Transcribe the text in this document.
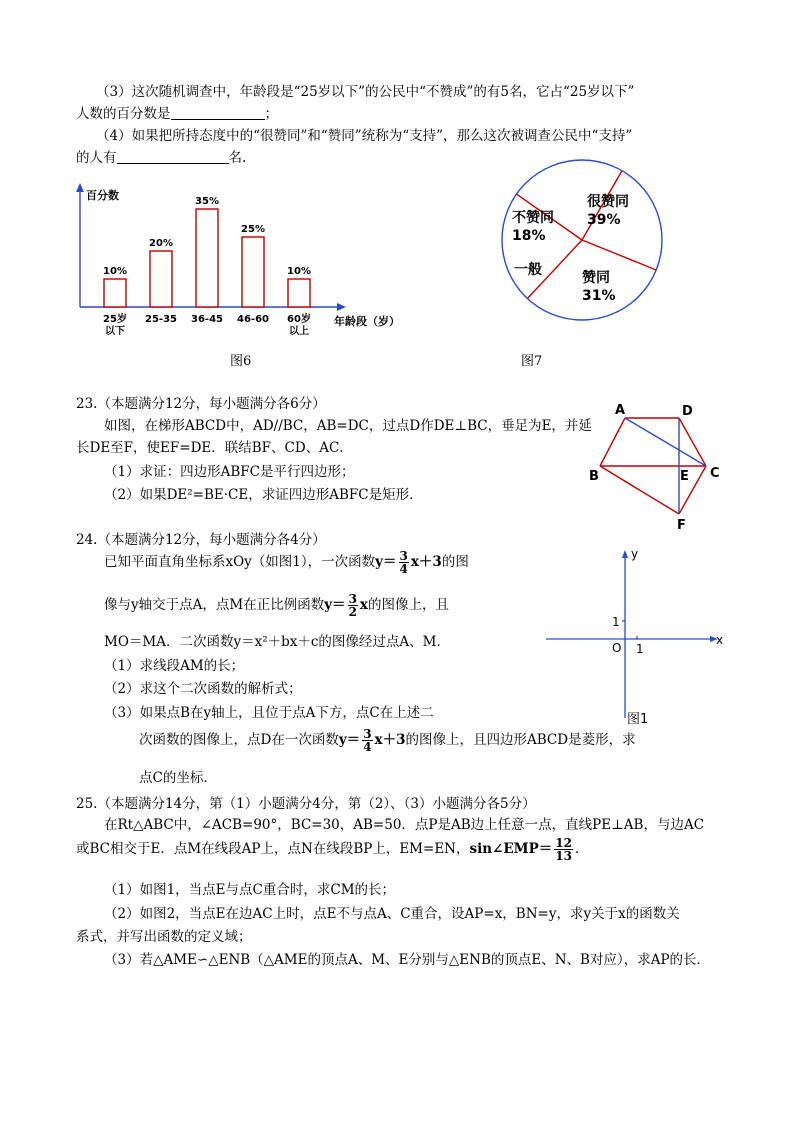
（3）这次随机调查中，年龄段是“25岁以下”的公民中“不赞成”的有5名，它占“25岁以下”
人数的百分数是	；
（4）如果把所持态度中的“很赞同”和“赞同”统称为“支持”，那么这次被调查公民中“支持”
的人有	名.
百分数
年龄段（岁）
10%
25岁
以下
20%
25-35
35%
36-45
25%
46-60
10%
60岁
以上
图6
很赞同
39%
赞同
31%
一般
不赞同
18%
图7
23.（本题满分12分，每小题满分各6分）
如图，在梯形ABCD中，AD//BC，AB=DC，过点D作DE⊥BC，垂足为E，并延
长DE至F，使EF=DE．联结BF、CD、AC．
（1）求证：四边形ABFC是平行四边形；
（2）如果DE²=BE·CE，求证四边形ABFC是矩形．
A	D
B	E C
F
24.（本题满分12分，每小题满分各4分）
已知平面直角坐标系xOy（如图1），一次函数$y= \frac{3}{4} x+3$的图
像与y轴交于点A，点M在正比例函数$y= \frac{3}{2}$ x的图像上，且
MO＝MA．二次函数y＝x²＋bx＋c的图像经过点A、M．
（1）求线段AM的长；
（2）求这个二次函数的解析式；
（3）如果点B在y轴上，且位于点A下方，点C在上述二
次函数的图像上，点D在一次函数$y= \frac{3}{4} x+3$的图像上，且四边形ABCD是菱形，求
点C的坐标．
y
x
1
O 1
图1
25.（本题满分14分，第（1）小题满分4分，第（2）、（3）小题满分各5分）
在Rt△ABC中，∠ACB=90°，BC=30，AB=50．点P是AB边上任意一点，直线PE⊥AB，与边AC
或BC相交于E．点M在线段AP上，点N在线段BP上，EM=EN，sin∠EMP＝ $\frac{12}{13}$ ．
（1）如图1，当点E与点C重合时，求CM的长；
（2）如图2，当点E在边AC上时，点E不与点A、C重合，设AP=x，BN=y，求y关于x的函数关
系式，并写出函数的定义域；
（3）若△AME∽△ENB（△AME的顶点A、M、E分别与△ENB的顶点E、N、B对应），求AP的长．
